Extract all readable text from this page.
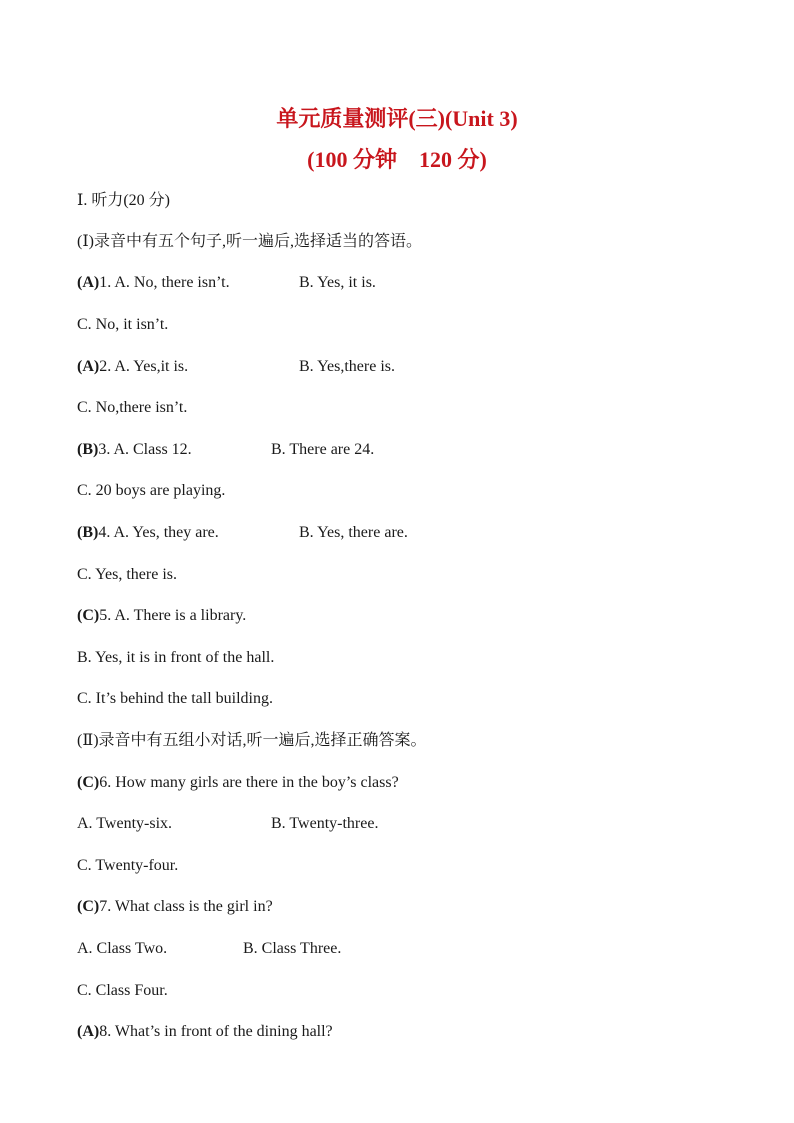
单元质量测评(三)(Unit 3)
(100 分钟　120 分)
Ⅰ. 听力(20 分)
(Ⅰ)录音中有五个句子,听一遍后,选择适当的答语。
(A)1. A. No, there isn’t.	B. Yes, it is.
C. No, it isn’t.
(A)2. A. Yes,it is.	B. Yes,there is.
C. No,there isn’t.
(B)3. A. Class 12.	B. There are 24.
C. 20 boys are playing.
(B)4. A. Yes, they are.	B. Yes, there are.
C. Yes, there is.
(C)5. A. There is a library.
B. Yes, it is in front of the hall.
C. It’s behind the tall building.
(Ⅱ)录音中有五组小对话,听一遍后,选择正确答案。
(C)6. How many girls are there in the boy’s class?
A. Twenty-six.	B. Twenty-three.
C. Twenty-four.
(C)7. What class is the girl in?
A. Class Two.	B. Class Three.
C. Class Four.
(A)8. What’s in front of the dining hall?
